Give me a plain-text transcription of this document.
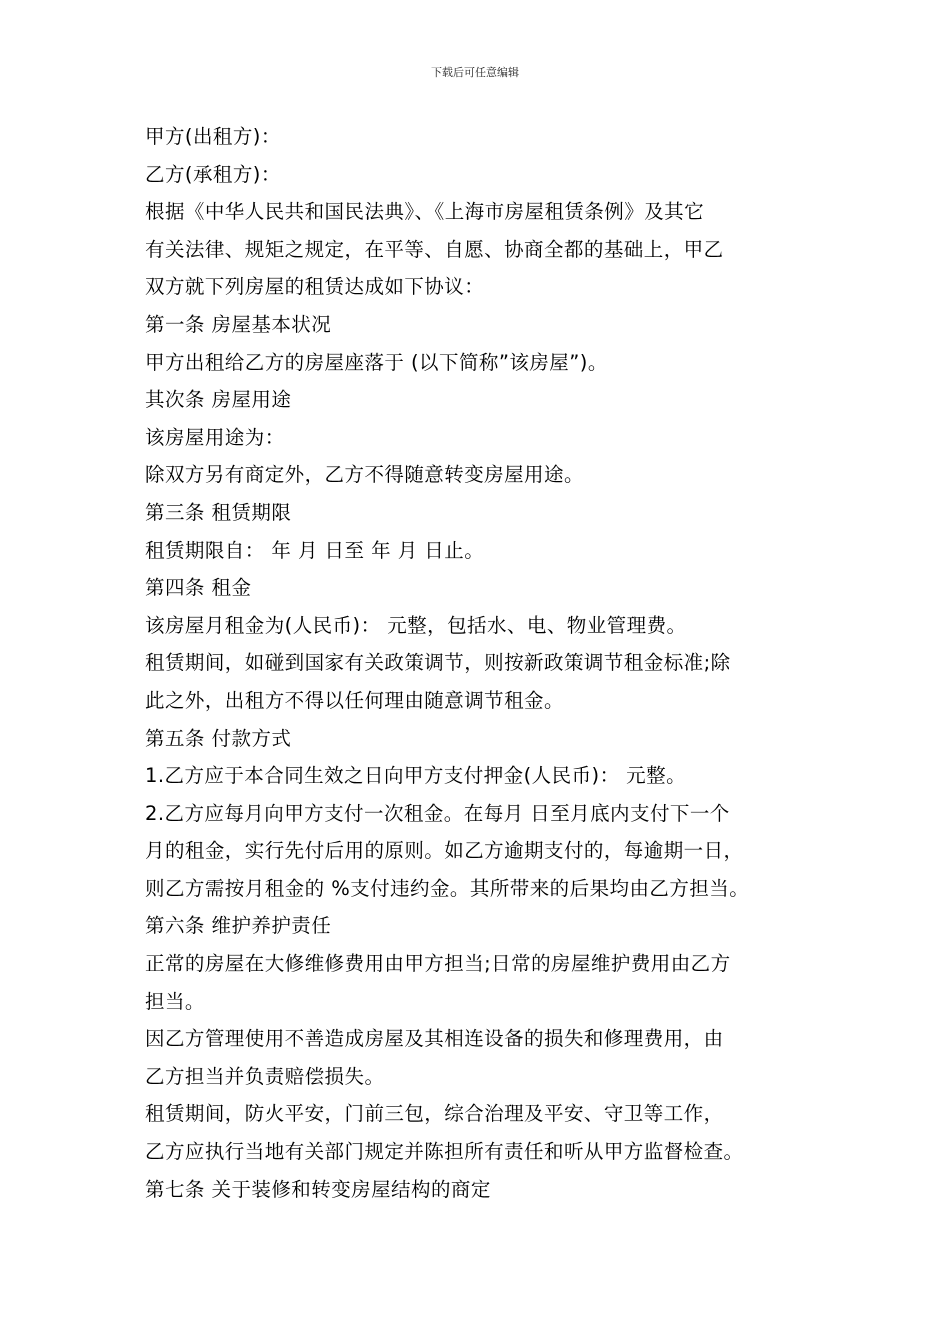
下载后可任意编辑
甲方(出租方)：
乙方(承租方)：
根据《中华人民共和国民法典》、《上海市房屋租赁条例》及其它
有关法律、规矩之规定，在平等、自愿、协商全都的基础上，甲乙
双方就下列房屋的租赁达成如下协议：
第一条 房屋基本状况
甲方出租给乙方的房屋座落于 (以下简称”该房屋”)。
其次条 房屋用途
该房屋用途为：
除双方另有商定外，乙方不得随意转变房屋用途。
第三条 租赁期限
租赁期限自： 年 月 日至 年 月 日止。
第四条 租金
该房屋月租金为(人民币)： 元整，包括水、电、物业管理费。
租赁期间，如碰到国家有关政策调节，则按新政策调节租金标准;除
此之外，出租方不得以任何理由随意调节租金。
第五条 付款方式
1.乙方应于本合同生效之日向甲方支付押金(人民币)： 元整。
2.乙方应每月向甲方支付一次租金。在每月 日至月底内支付下一个
月的租金，实行先付后用的原则。如乙方逾期支付的，每逾期一日，
则乙方需按月租金的 %支付违约金。其所带来的后果均由乙方担当。
第六条 维护养护责任
正常的房屋在大修维修费用由甲方担当;日常的房屋维护费用由乙方
担当。
因乙方管理使用不善造成房屋及其相连设备的损失和修理费用，由
乙方担当并负责赔偿损失。
租赁期间，防火平安，门前三包，综合治理及平安、守卫等工作，
乙方应执行当地有关部门规定并陈担所有责任和听从甲方监督检查。
第七条 关于装修和转变房屋结构的商定
